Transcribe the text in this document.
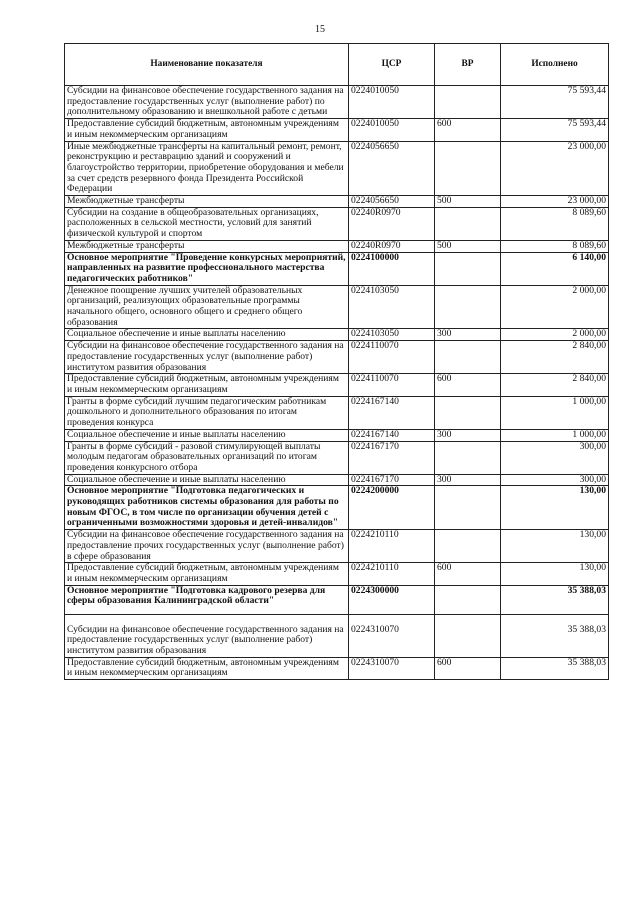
15
Наименование показателя	ЦСР	ВР	Исполнено
Субсидии на финансовое обеспечение государственного задания на предоставление государственных услуг (выполнение работ) по дополнительному образованию и внешкольной работе с детьми	0224010050		75 593,44
Предоставление субсидий бюджетным, автономным учреждениям и иным некоммерческим организациям	0224010050	600	75 593,44
Иные межбюджетные трансферты на капитальный ремонт, ремонт, реконструкцию и реставрацию зданий и сооружений и благоустройство территории, приобретение оборудования и мебели за счет средств резервного фонда Президента Российской Федерации	0224056650		23 000,00
Межбюджетные трансферты	0224056650	500	23 000,00
Субсидии на создание в общеобразовательных организациях, расположенных в сельской местности, условий для занятий физической культурой и спортом	02240R0970		8 089,60
Межбюджетные трансферты	02240R0970	500	8 089,60
Основное мероприятие "Проведение конкурсных мероприятий, направленных на развитие профессионального мастерства педагогических работников"	0224100000		6 140,00
Денежное поощрение лучших учителей образовательных организаций, реализующих образовательные программы начального общего, основного общего и среднего общего образования	0224103050		2 000,00
Социальное обеспечение и иные выплаты населению	0224103050	300	2 000,00
Субсидии на финансовое обеспечение государственного задания на предоставление государственных услуг (выполнение работ) институтом развития образования	0224110070		2 840,00
Предоставление субсидий бюджетным, автономным учреждениям и иным некоммерческим организациям	0224110070	600	2 840,00
Гранты в форме субсидий лучшим педагогическим работникам дошкольного и дополнительного образования по итогам проведения конкурса	0224167140		1 000,00
Социальное обеспечение и иные выплаты населению	0224167140	300	1 000,00
Гранты в форме субсидий - разовой стимулирующей выплаты молодым педагогам образовательных организаций по итогам проведения конкурсного отбора	0224167170		300,00
Социальное обеспечение и иные выплаты населению	0224167170	300	300,00
Основное мероприятие "Подготовка педагогических и руководящих работников системы образования для работы по новым ФГОС, в том числе по организации обучения детей с ограниченными возможностями здоровья и детей-инвалидов"	0224200000		130,00
Субсидии на финансовое обеспечение государственного задания на предоставление прочих государственных услуг (выполнение работ) в сфере образования	0224210110		130,00
Предоставление субсидий бюджетным, автономным учреждениям и иным некоммерческим организациям	0224210110	600	130,00
Основное мероприятие "Подготовка кадрового резерва для сферы образования Калининградской области"	0224300000		35 388,03
Субсидии на финансовое обеспечение государственного задания на предоставление государственных услуг (выполнение работ) институтом развития образования	0224310070		35 388,03
Предоставление субсидий бюджетным, автономным учреждениям и иным некоммерческим организациям	0224310070	600	35 388,03
